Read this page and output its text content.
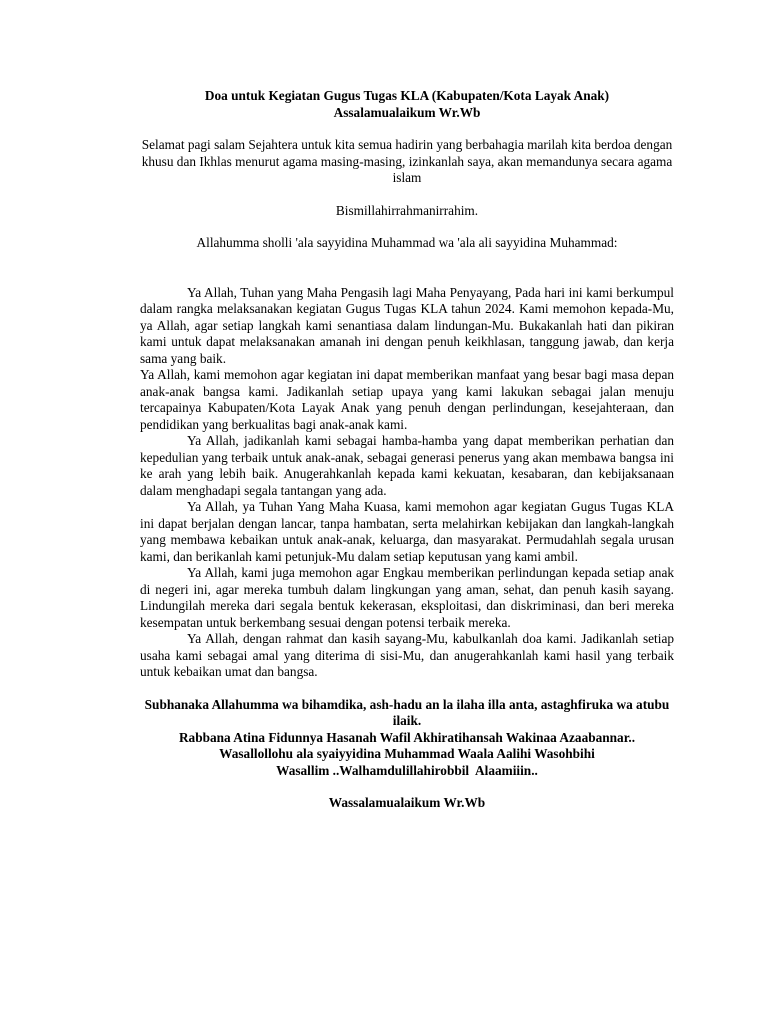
Doa untuk Kegiatan Gugus Tugas KLA (Kabupaten/Kota Layak Anak)

Assalamualaikum Wr.Wb

Selamat pagi salam Sejahtera untuk kita semua hadirin yang berbahagia marilah kita berdoa dengan khusu dan Ikhlas menurut agama masing-masing, izinkanlah saya, akan memandunya secara agama islam

Bismillahirrahmanirrahim.

Allahumma sholli 'ala sayyidina Muhammad wa 'ala ali sayyidina Muhammad:

Ya Allah, Tuhan yang Maha Pengasih lagi Maha Penyayang, Pada hari ini kami berkumpul dalam rangka melaksanakan kegiatan Gugus Tugas KLA tahun 2024. Kami memohon kepada-Mu, ya Allah, agar setiap langkah kami senantiasa dalam lindungan-Mu. Bukakanlah hati dan pikiran kami untuk dapat melaksanakan amanah ini dengan penuh keikhlasan, tanggung jawab, dan kerja sama yang baik.

Ya Allah, kami memohon agar kegiatan ini dapat memberikan manfaat yang besar bagi masa depan anak-anak bangsa kami. Jadikanlah setiap upaya yang kami lakukan sebagai jalan menuju tercapainya Kabupaten/Kota Layak Anak yang penuh dengan perlindungan, kesejahteraan, dan pendidikan yang berkualitas bagi anak-anak kami.

Ya Allah, jadikanlah kami sebagai hamba-hamba yang dapat memberikan perhatian dan kepedulian yang terbaik untuk anak-anak, sebagai generasi penerus yang akan membawa bangsa ini ke arah yang lebih baik. Anugerahkanlah kepada kami kekuatan, kesabaran, dan kebijaksanaan dalam menghadapi segala tantangan yang ada.

Ya Allah, ya Tuhan Yang Maha Kuasa, kami memohon agar kegiatan Gugus Tugas KLA ini dapat berjalan dengan lancar, tanpa hambatan, serta melahirkan kebijakan dan langkah-langkah yang membawa kebaikan untuk anak-anak, keluarga, dan masyarakat. Permudahlah segala urusan kami, dan berikanlah kami petunjuk-Mu dalam setiap keputusan yang kami ambil.

Ya Allah, kami juga memohon agar Engkau memberikan perlindungan kepada setiap anak di negeri ini, agar mereka tumbuh dalam lingkungan yang aman, sehat, dan penuh kasih sayang. Lindungilah mereka dari segala bentuk kekerasan, eksploitasi, dan diskriminasi, dan beri mereka kesempatan untuk berkembang sesuai dengan potensi terbaik mereka.

Ya Allah, dengan rahmat dan kasih sayang-Mu, kabulkanlah doa kami. Jadikanlah setiap usaha kami sebagai amal yang diterima di sisi-Mu, dan anugerahkanlah kami hasil yang terbaik untuk kebaikan umat dan bangsa.

Subhanaka Allahumma wa bihamdika, ash-hadu an la ilaha illa anta, astaghfiruka wa atubu ilaik.

Rabbana Atina Fidunnya Hasanah Wafil Akhiratihansah Wakinaa Azaabannar..

Wasallollohu ala syaiyyidina Muhammad Waala Aalihi Wasohbihi

Wasallim ..Walhamdulillahirobbil  Alaamiiin..

Wassalamualaikum Wr.Wb
